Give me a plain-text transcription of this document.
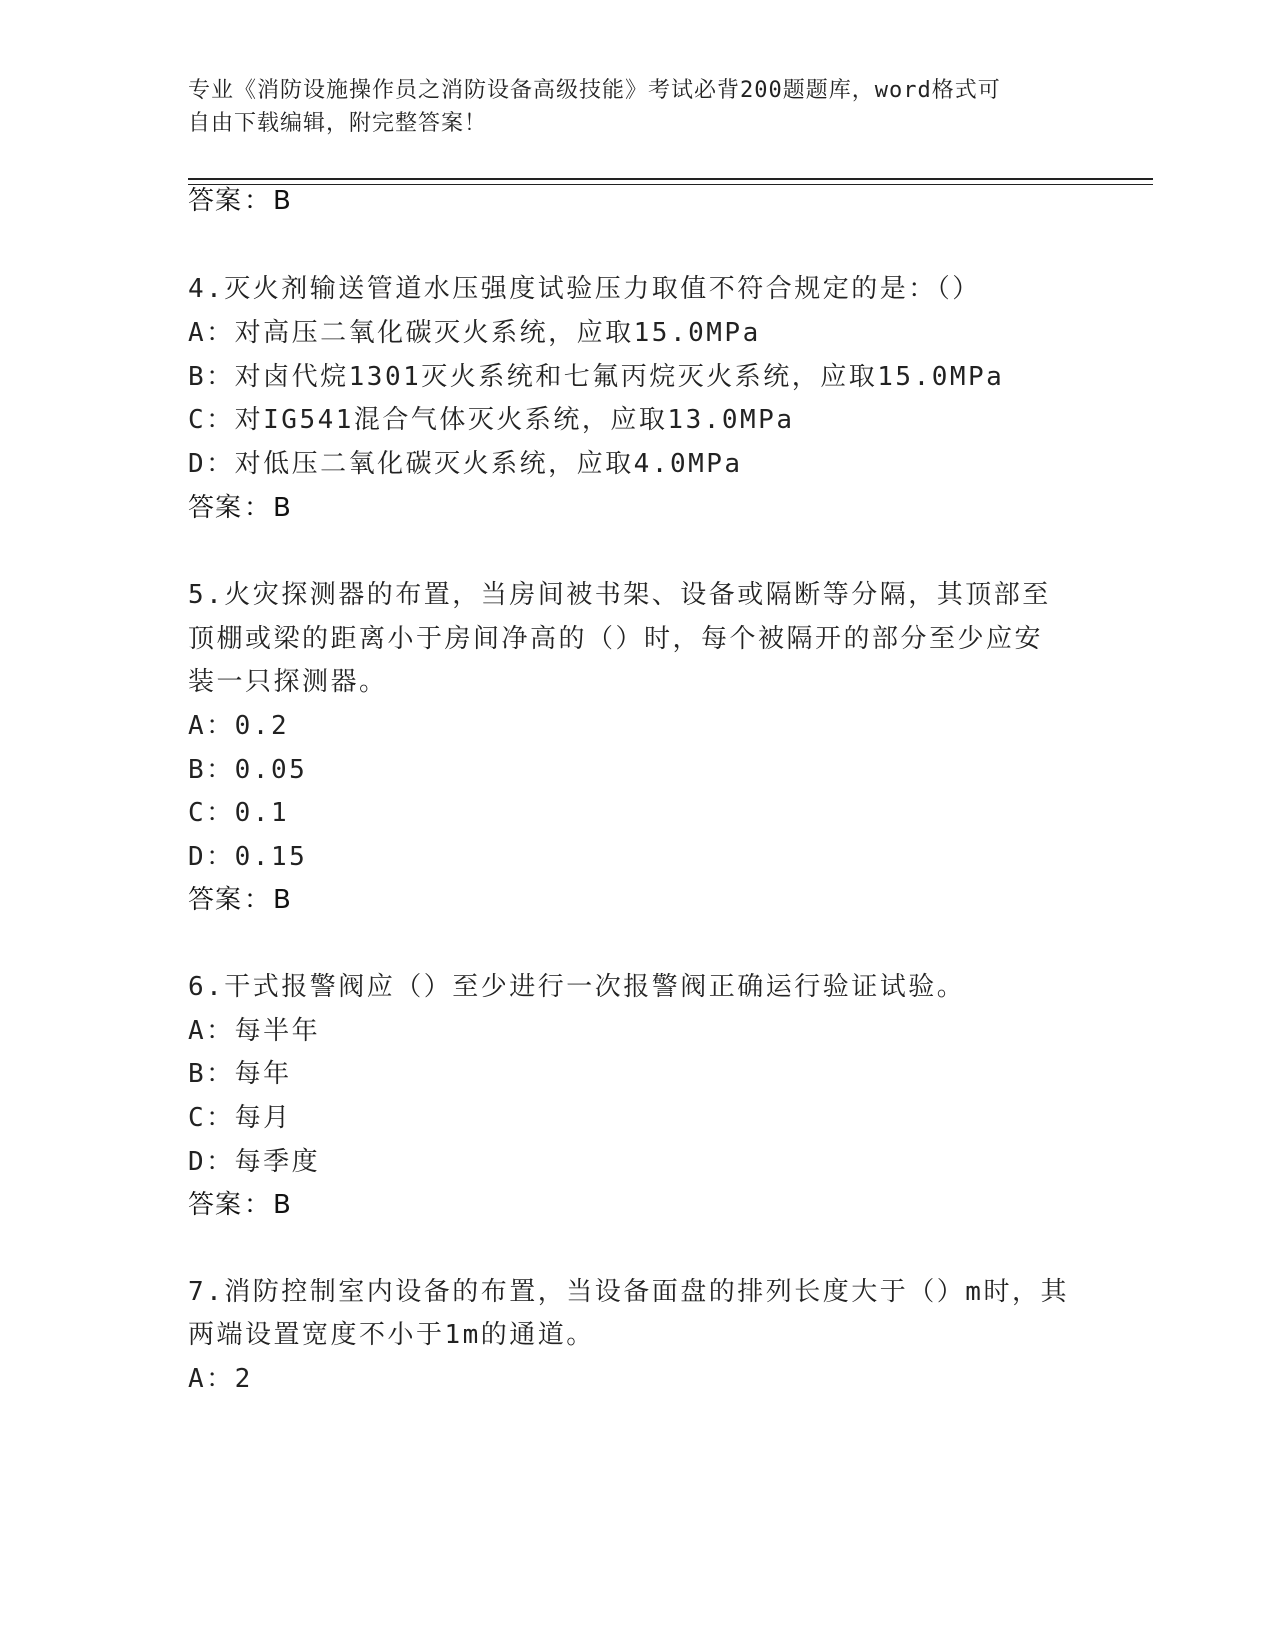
专业《消防设施操作员之消防设备高级技能》考试必背200题题库，word格式可
自由下载编辑，附完整答案！
答案：B
4.灭火剂输送管道水压强度试验压力取值不符合规定的是：（）
A：对高压二氧化碳灭火系统，应取15.0MPa
B：对卤代烷1301灭火系统和七氟丙烷灭火系统，应取15.0MPa
C：对IG541混合气体灭火系统，应取13.0MPa
D：对低压二氧化碳灭火系统，应取4.0MPa
答案：B
5.火灾探测器的布置，当房间被书架、设备或隔断等分隔，其顶部至
顶棚或梁的距离小于房间净高的（）时，每个被隔开的部分至少应安
装一只探测器。
A：0.2
B：0.05
C：0.1
D：0.15
答案：B
6.干式报警阀应（）至少进行一次报警阀正确运行验证试验。
A：每半年
B：每年
C：每月
D：每季度
答案：B
7.消防控制室内设备的布置，当设备面盘的排列长度大于（）m时，其
两端设置宽度不小于1m的通道。
A：2
